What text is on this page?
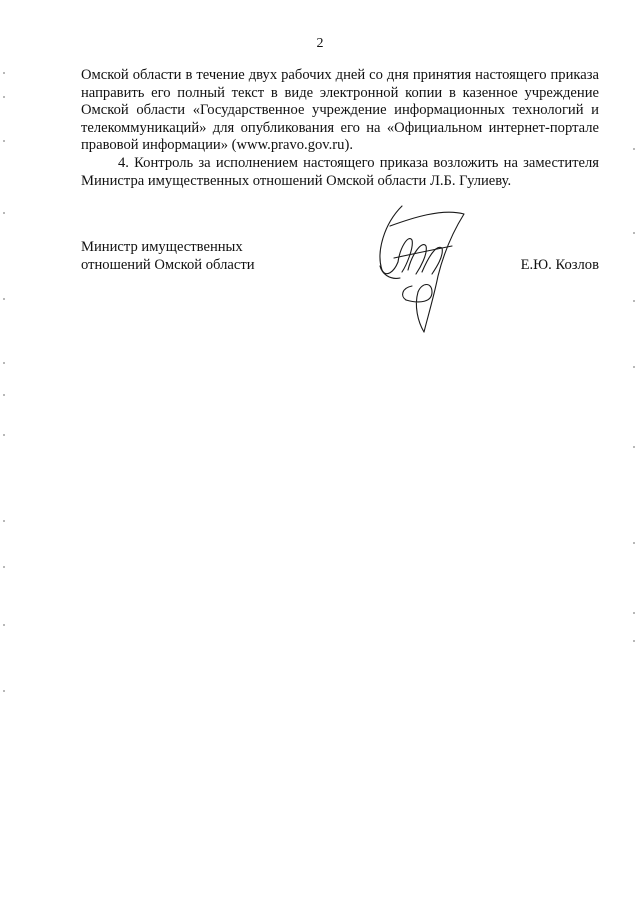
2

Омской области в течение двух рабочих дней со дня принятия настоящего приказа направить его полный текст в виде электронной копии в казенное учреждение Омской области «Государственное учреждение информационных технологий и телекоммуникаций» для опубликования его на «Официальном интернет-портале правовой информации» (www.pravo.gov.ru).

4. Контроль за исполнением настоящего приказа возложить на заместителя Министра имущественных отношений Омской области Л.Б. Гулиеву.

Министр имущественных
отношений Омской области	Е.Ю. Козлов
